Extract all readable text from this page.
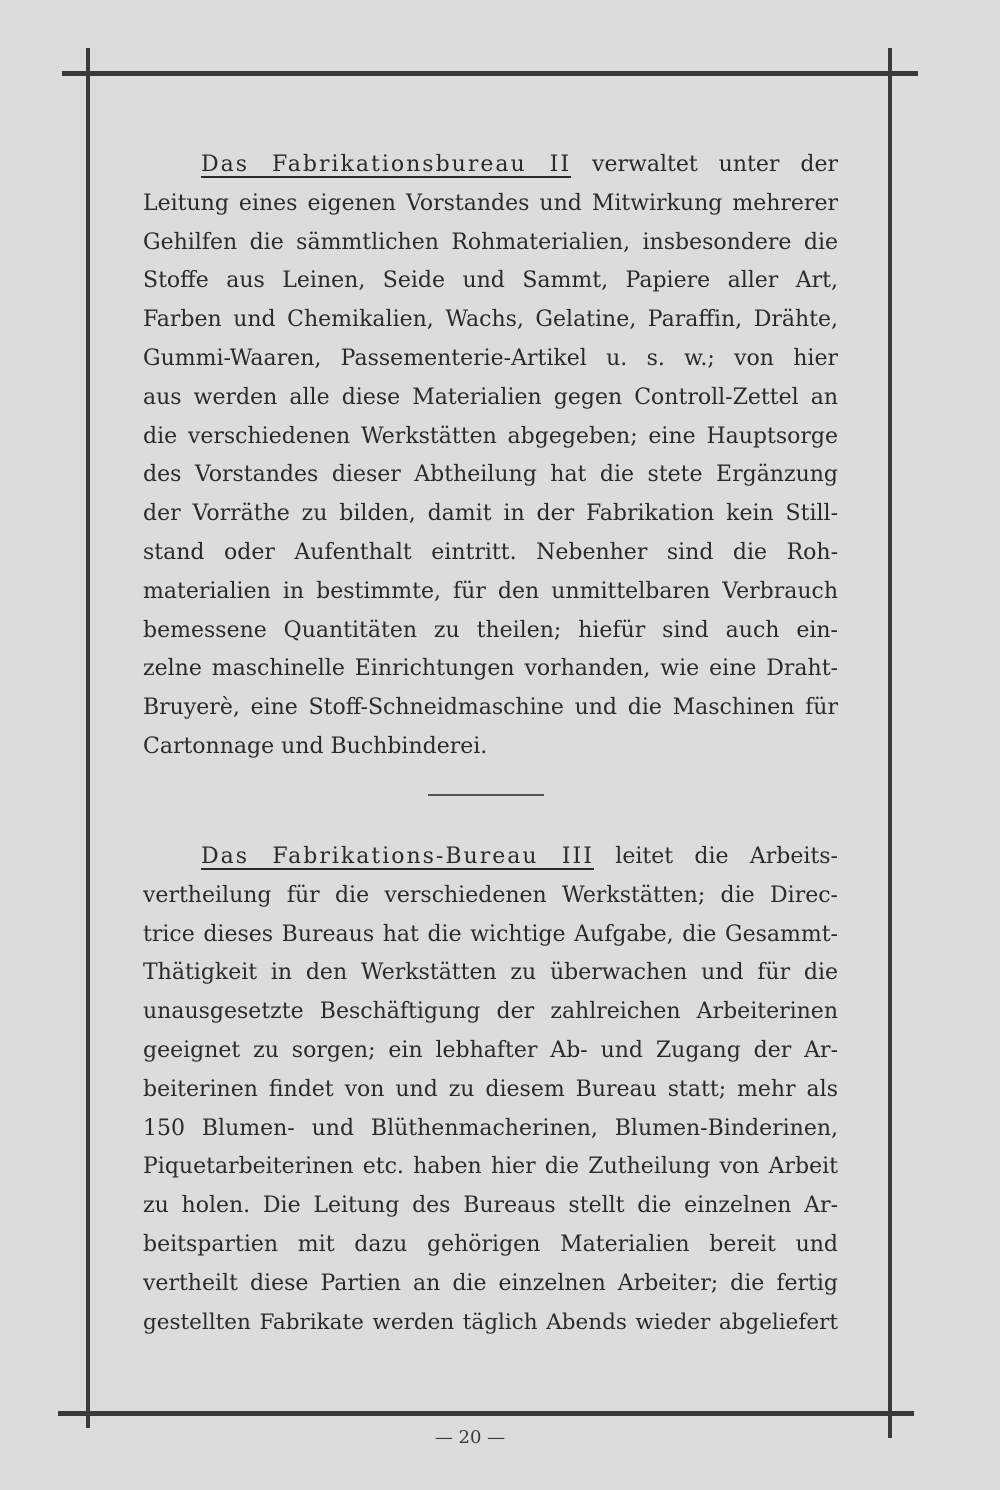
Das Fabrikationsbureau II verwaltet unter der
Leitung eines eigenen Vorstandes und Mitwirkung mehrerer
Gehilfen die sämmtlichen Rohmaterialien, insbesondere die
Stoffe aus Leinen, Seide und Sammt, Papiere aller Art,
Farben und Chemikalien, Wachs, Gelatine, Paraffin, Drähte,
Gummi-Waaren, Passementerie-Artikel u. s. w.; von hier
aus werden alle diese Materialien gegen Controll-Zettel an
die verschiedenen Werkstätten abgegeben; eine Hauptsorge
des Vorstandes dieser Abtheilung hat die stete Ergänzung
der Vorräthe zu bilden, damit in der Fabrikation kein Still-
stand oder Aufenthalt eintritt. Nebenher sind die Roh-
materialien in bestimmte, für den unmittelbaren Verbrauch
bemessene Quantitäten zu theilen; hiefür sind auch ein-
zelne maschinelle Einrichtungen vorhanden, wie eine Draht-
Bruyerè, eine Stoff-Schneidmaschine und die Maschinen für
Cartonnage und Buchbinderei.
Das Fabrikations-Bureau III leitet die Arbeits-
vertheilung für die verschiedenen Werkstätten; die Direc-
trice dieses Bureaus hat die wichtige Aufgabe, die Gesammt-
Thätigkeit in den Werkstätten zu überwachen und für die
unausgesetzte Beschäftigung der zahlreichen Arbeiterinen
geeignet zu sorgen; ein lebhafter Ab- und Zugang der Ar-
beiterinen findet von und zu diesem Bureau statt; mehr als
150 Blumen- und Blüthenmacherinen, Blumen-Binderinen,
Piquetarbeiterinen etc. haben hier die Zutheilung von Arbeit
zu holen. Die Leitung des Bureaus stellt die einzelnen Ar-
beitspartien mit dazu gehörigen Materialien bereit und
vertheilt diese Partien an die einzelnen Arbeiter; die fertig
gestellten Fabrikate werden täglich Abends wieder abgeliefert
— 20 —
